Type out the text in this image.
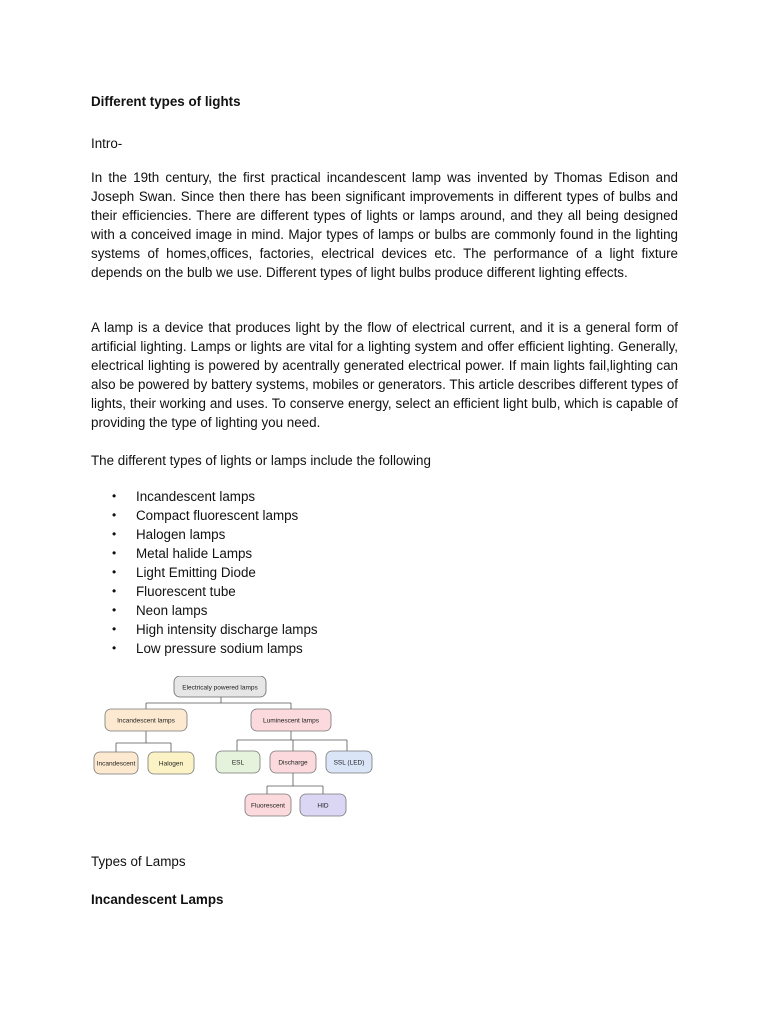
Different types of lights

Intro-

In the 19th century, the first practical incandescent lamp was invented by Thomas Edison and Joseph Swan. Since then there has been significant improvements in different types of bulbs and their efficiencies. There are different types of lights or lamps around, and they all being designed with a conceived image in mind. Major types of lamps or bulbs are commonly found in the lighting systems of homes,offices, factories, electrical devices etc. The performance of a light fixture depends on the bulb we use. Different types of light bulbs produce different lighting effects.

A lamp is a device that produces light by the flow of electrical current, and it is a general form of artificial lighting. Lamps or lights are vital for a lighting system and offer efficient lighting. Generally, electrical lighting is powered by acentrally generated electrical power. If main lights fail,lighting can also be powered by battery systems, mobiles or generators. This article describes different types of lights, their working and uses. To conserve energy, select an efficient light bulb, which is capable of providing the type of lighting you need.

The different types of lights or lamps include the following

• Incandescent lamps
• Compact fluorescent lamps
• Halogen lamps
• Metal halide Lamps
• Light Emitting Diode
• Fluorescent tube
• Neon lamps
• High intensity discharge lamps
• Low pressure sodium lamps
Electricaly powered lamps
Incandescent lamps	Luminescent lamps
Incandescent	Halogen	ESL	Discharge	SSL (LED)
Fluorescent	HID

Types of Lamps

Incandescent Lamps
